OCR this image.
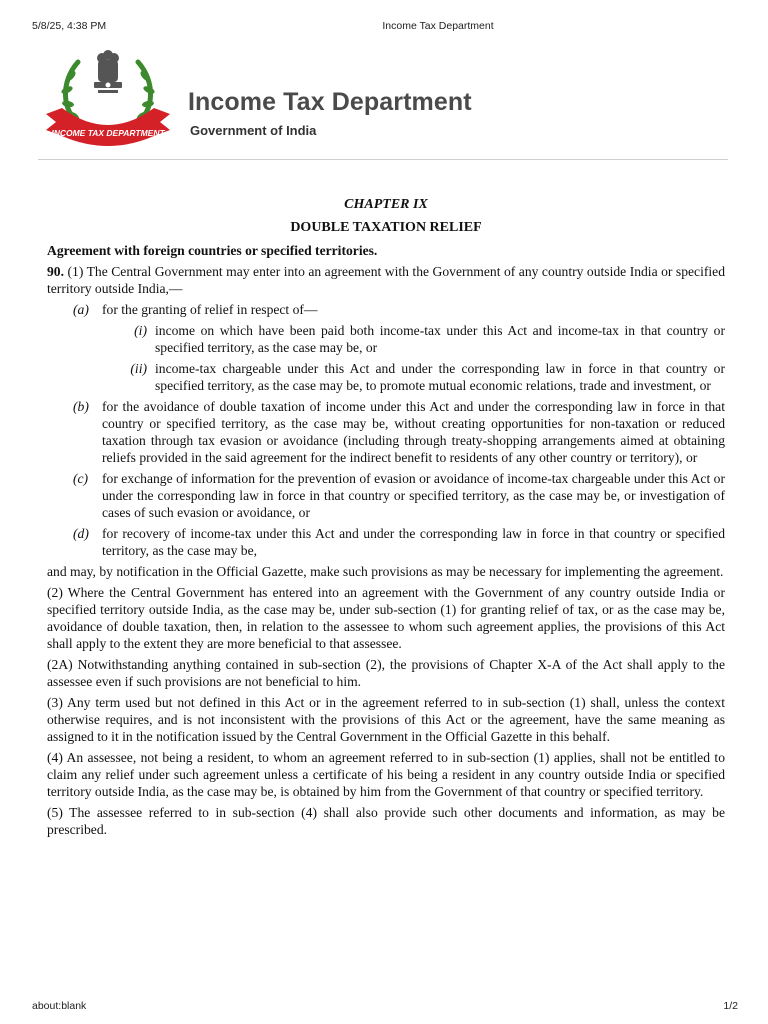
5/8/25, 4:38 PM	Income Tax Department
INCOME TAX DEPARTMENT
Income Tax Department
Government of India
CHAPTER IX
DOUBLE TAXATION RELIEF
Agreement with foreign countries or specified territories.
90. (1) The Central Government may enter into an agreement with the Government of any country outside India or specified territory outside India,—
(a) for the granting of relief in respect of—
(i) income on which have been paid both income-tax under this Act and income-tax in that country or specified territory, as the case may be, or
(ii) income-tax chargeable under this Act and under the corresponding law in force in that country or specified territory, as the case may be, to promote mutual economic relations, trade and investment, or
(b) for the avoidance of double taxation of income under this Act and under the corresponding law in force in that country or specified territory, as the case may be, without creating opportunities for non-taxation or reduced taxation through tax evasion or avoidance (including through treaty-shopping arrangements aimed at obtaining reliefs provided in the said agreement for the indirect benefit to residents of any other country or territory), or
(c)	for exchange of information for the prevention of evasion or avoidance of income-tax chargeable under this Act or under the corresponding law in force in that country or specified territory, as the case may be, or investigation of cases of such evasion or avoidance, or
(d) for recovery of income-tax under this Act and under the corresponding law in force in that country or specified territory, as the case may be,
and may, by notification in the Official Gazette, make such provisions as may be necessary for implementing the agreement.
(2) Where the Central Government has entered into an agreement with the Government of any country outside India or specified territory outside India, as the case may be, under sub-section (1) for granting relief of tax, or as the case may be, avoidance of double taxation, then, in relation to the assessee to whom such agreement applies, the provisions of this Act shall apply to the extent they are more beneficial to that assessee.
(2A) Notwithstanding anything contained in sub-section (2), the provisions of Chapter X-A of the Act shall apply to the assessee even if such provisions are not beneficial to him.
(3) Any term used but not defined in this Act or in the agreement referred to in sub-section (1) shall, unless the context otherwise requires, and is not inconsistent with the provisions of this Act or the agreement, have the same meaning as assigned to it in the notification issued by the Central Government in the Official Gazette in this behalf.
(4) An assessee, not being a resident, to whom an agreement referred to in sub-section (1) applies, shall not be entitled to claim any relief under such agreement unless a certificate of his being a resident in any country outside India or specified territory outside India, as the case may be, is obtained by him from the Government of that country or specified territory.
(5) The assessee referred to in sub-section (4) shall also provide such other documents and information, as may be prescribed.
about:blank	1/2
